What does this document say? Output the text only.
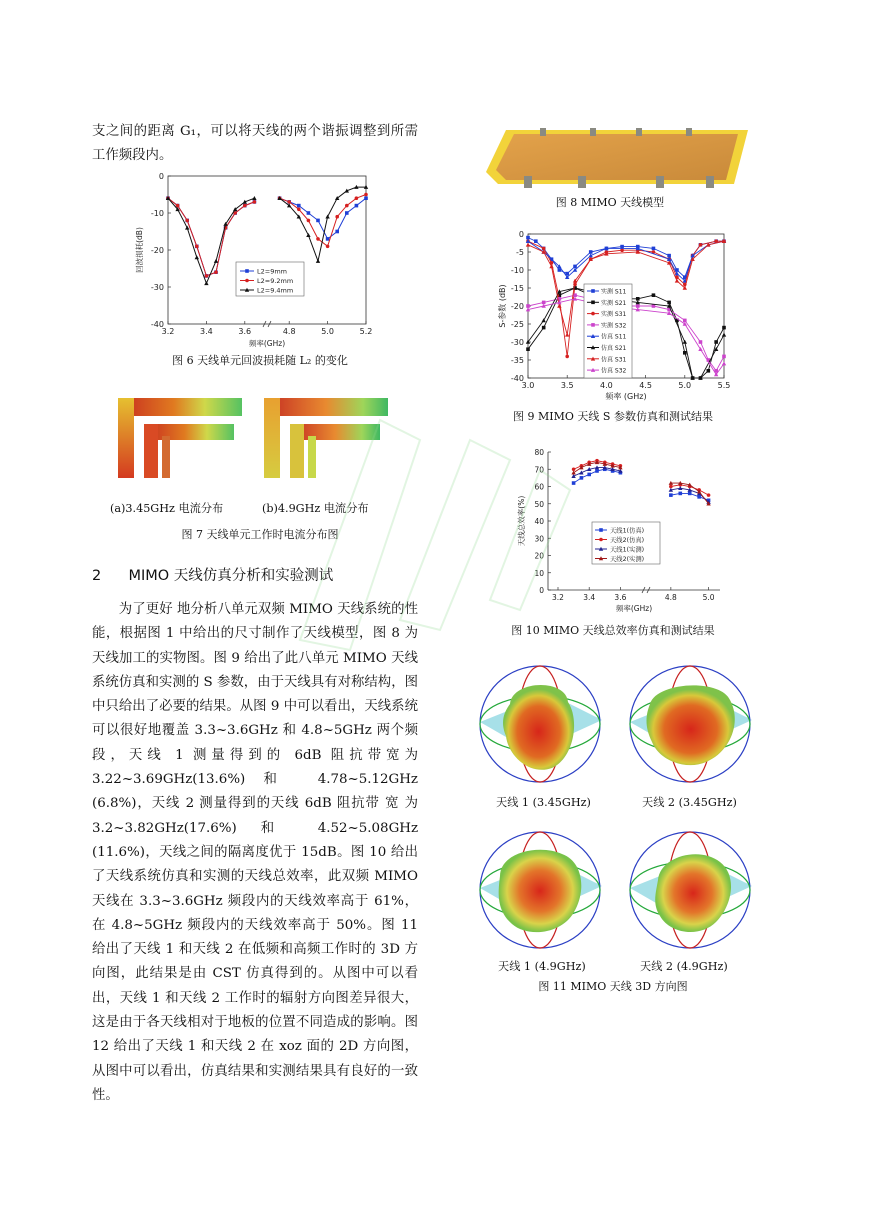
支之间的距离 G₁，可以将天线的两个谐振调整到所需工作频段内。

0
-10
-20
-30
-40
3.2	3.4	3.6	4.8	5.0	5.2
频率(GHz)
回波损耗(dB)	L2=9mm
L2=9.2mm
L2=9.4mm
图 6 天线单元回波损耗随 L₂ 的变化
(a)3.45GHz 电流分布	(b)4.9GHz 电流分布
图 7 天线单元工作时电流分布图
2 MIMO 天线仿真分析和实验测试

为了更好 地分析八单元双频 MIMO 天线系统的性能，根据图 1 中给出的尺寸制作了天线模型，图 8 为天线加工的实物图。图 9 给出了此八单元 MIMO 天线系统仿真和实测的 S 参数，由于天线具有对称结构，图中只给出了必要的结果。从图 9 中可以看出，天线系统可以很好地覆盖 3.3~3.6GHz 和 4.8~5GHz 两个频段，天线 1 测量得到的 6dB 阻抗带宽为 3.22~3.69GHz(13.6%)和 4.78~5.12GHz (6.8%)，天线 2 测量得到的天线 6dB 阻抗带 宽 为 3.2~3.82GHz(17.6%) 和 4.52~5.08GHz (11.6%)，天线之间的隔离度优于 15dB。图 10 给出了天线系统仿真和实测的天线总效率，此双频 MIMO 天线在 3.3~3.6GHz 频段内的天线效率高于 61%，在 4.8~5GHz 频段内的天线效率高于 50%。图 11 给出了天线 1 和天线 2 在低频和高频工作时的 3D 方向图，此结果是由 CST 仿真得到的。从图中可以看出，天线 1 和天线 2 工作时的辐射方向图差异很大，这是由于各天线相对于地板的位置不同造成的影响。图 12 给出了天线 1 和天线 2 在 xoz 面的 2D 方向图，从图中可以看出，仿真结果和实测结果具有良好的一致性。

图 8 MIMO 天线模型
0
-5
-10
-15
-20
-25
-30
-35
-40
3.0	3.5	4.0	4.5	5.0	5.5
频率 (GHz)
S-参数 (dB)	实测 S11
实测 S21
实测 S31
实测 S32
仿真 S11
仿真 S21
仿真 S31
仿真 S32
图 9 MIMO 天线 S 参数仿真和测试结果
0
10
20
30
40
50
60
70
80
3.2	3.4	3.6	4.8	5.0
频率(GHz)
天线总效率(%)	天线1(仿真)
天线2(仿真)
天线1(实测)
天线2(实测)
图 10 MIMO 天线总效率仿真和测试结果
天线 1 (3.45GHz)	天线 2 (3.45GHz)
天线 1 (4.9GHz)	天线 2 (4.9GHz)
图 11 MIMO 天线 3D 方向图
